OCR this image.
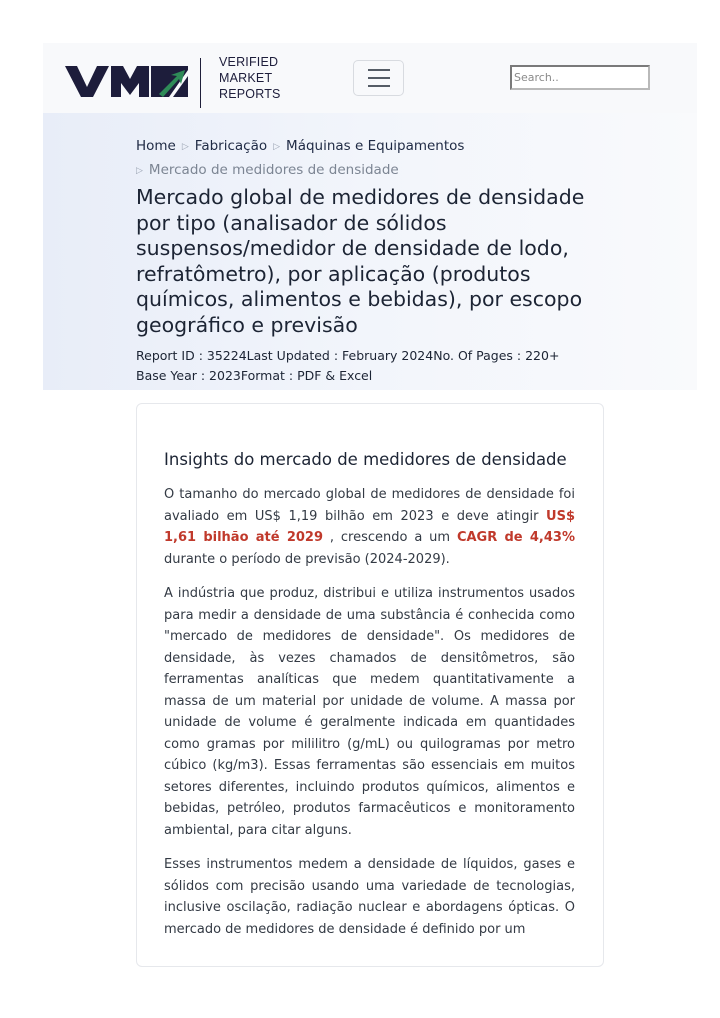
VERIFIED
MARKET
REPORTS
Search..
Home ▷ Fabricação ▷ Máquinas e Equipamentos
▷ Mercado de medidores de densidade
Mercado global de medidores de densidade por tipo (analisador de sólidos suspensos/medidor de densidade de lodo, refratômetro), por aplicação (produtos químicos, alimentos e bebidas), por escopo geográfico e previsão
Report ID : 35224Last Updated : February 2024No. Of Pages : 220+
Base Year : 2023Format : PDF & Excel
Insights do mercado de medidores de densidade

O tamanho do mercado global de medidores de densidade foi avaliado em US$ 1,19 bilhão em 2023 e deve atingir US$ 1,61 bilhão até 2029 , crescendo a um CAGR de 4,43% durante o período de previsão (2024-2029).

A indústria que produz, distribui e utiliza instrumentos usados para medir a densidade de uma substância é conhecida como "mercado de medidores de densidade". Os medidores de densidade, às vezes chamados de densitômetros, são ferramentas analíticas que medem quantitativamente a massa de um material por unidade de volume. A massa por unidade de volume é geralmente indicada em quantidades como gramas por mililitro (g/mL) ou quilogramas por metro cúbico (kg/m3). Essas ferramentas são essenciais em muitos setores diferentes, incluindo produtos químicos, alimentos e bebidas, petróleo, produtos farmacêuticos e monitoramento ambiental, para citar alguns.

Esses instrumentos medem a densidade de líquidos, gases e sólidos com precisão usando uma variedade de tecnologias, inclusive oscilação, radiação nuclear e abordagens ópticas. O mercado de medidores de densidade é definido por um
